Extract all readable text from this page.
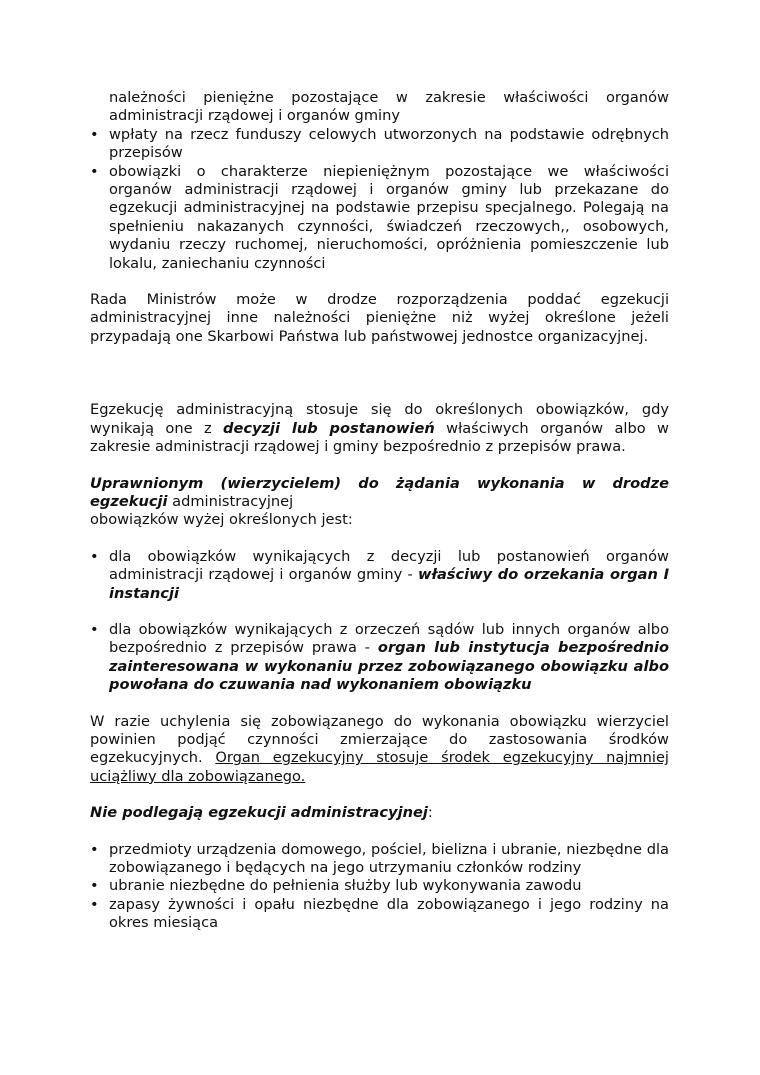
należności pieniężne pozostające w zakresie właściwości organów administracji rządowej i organów gminy

• wpłaty na rzecz funduszy celowych utworzonych na podstawie odrębnych przepisów
• obowiązki o charakterze niepieniężnym pozostające we właściwości organów administracji rządowej i organów gminy lub przekazane do egzekucji administracyjnej na podstawie przepisu specjalnego. Polegają na spełnieniu nakazanych czynności, świadczeń rzeczowych,, osobowych, wydaniu rzeczy ruchomej, nieruchomości, opróżnienia pomieszczenie lub lokalu, zaniechaniu czynności

Rada Ministrów może w drodze rozporządzenia poddać egzekucji administracyjnej inne należności pieniężne niż wyżej określone jeżeli przypadają one Skarbowi Państwa lub państwowej jednostce organizacyjnej.

Egzekucję administracyjną stosuje się do określonych obowiązków, gdy wynikają one z decyzji lub postanowień właściwych organów albo w zakresie administracji rządowej i gminy bezpośrednio z przepisów prawa.

Uprawnionym (wierzycielem) do żądania wykonania w drodze egzekucji administracyjnej
obowiązków wyżej określonych jest:

• dla obowiązków wynikających z decyzji lub postanowień organów administracji rządowej i organów gminy - właściwy do orzekania organ I instancji
• dla obowiązków wynikających z orzeczeń sądów lub innych organów albo bezpośrednio z przepisów prawa - organ lub instytucja bezpośrednio zainteresowana w wykonaniu przez zobowiązanego obowiązku albo powołana do czuwania nad wykonaniem obowiązku

W razie uchylenia się zobowiązanego do wykonania obowiązku wierzyciel powinien podjąć czynności zmierzające do zastosowania środków egzekucyjnych. Organ egzekucyjny stosuje środek egzekucyjny najmniej uciążliwy dla zobowiązanego.

Nie podlegają egzekucji administracyjnej:

• przedmioty urządzenia domowego, pościel, bielizna i ubranie, niezbędne dla zobowiązanego i będących na jego utrzymaniu członków rodziny
• ubranie niezbędne do pełnienia służby lub wykonywania zawodu
• zapasy żywności i opału niezbędne dla zobowiązanego i jego rodziny na okres miesiąca
